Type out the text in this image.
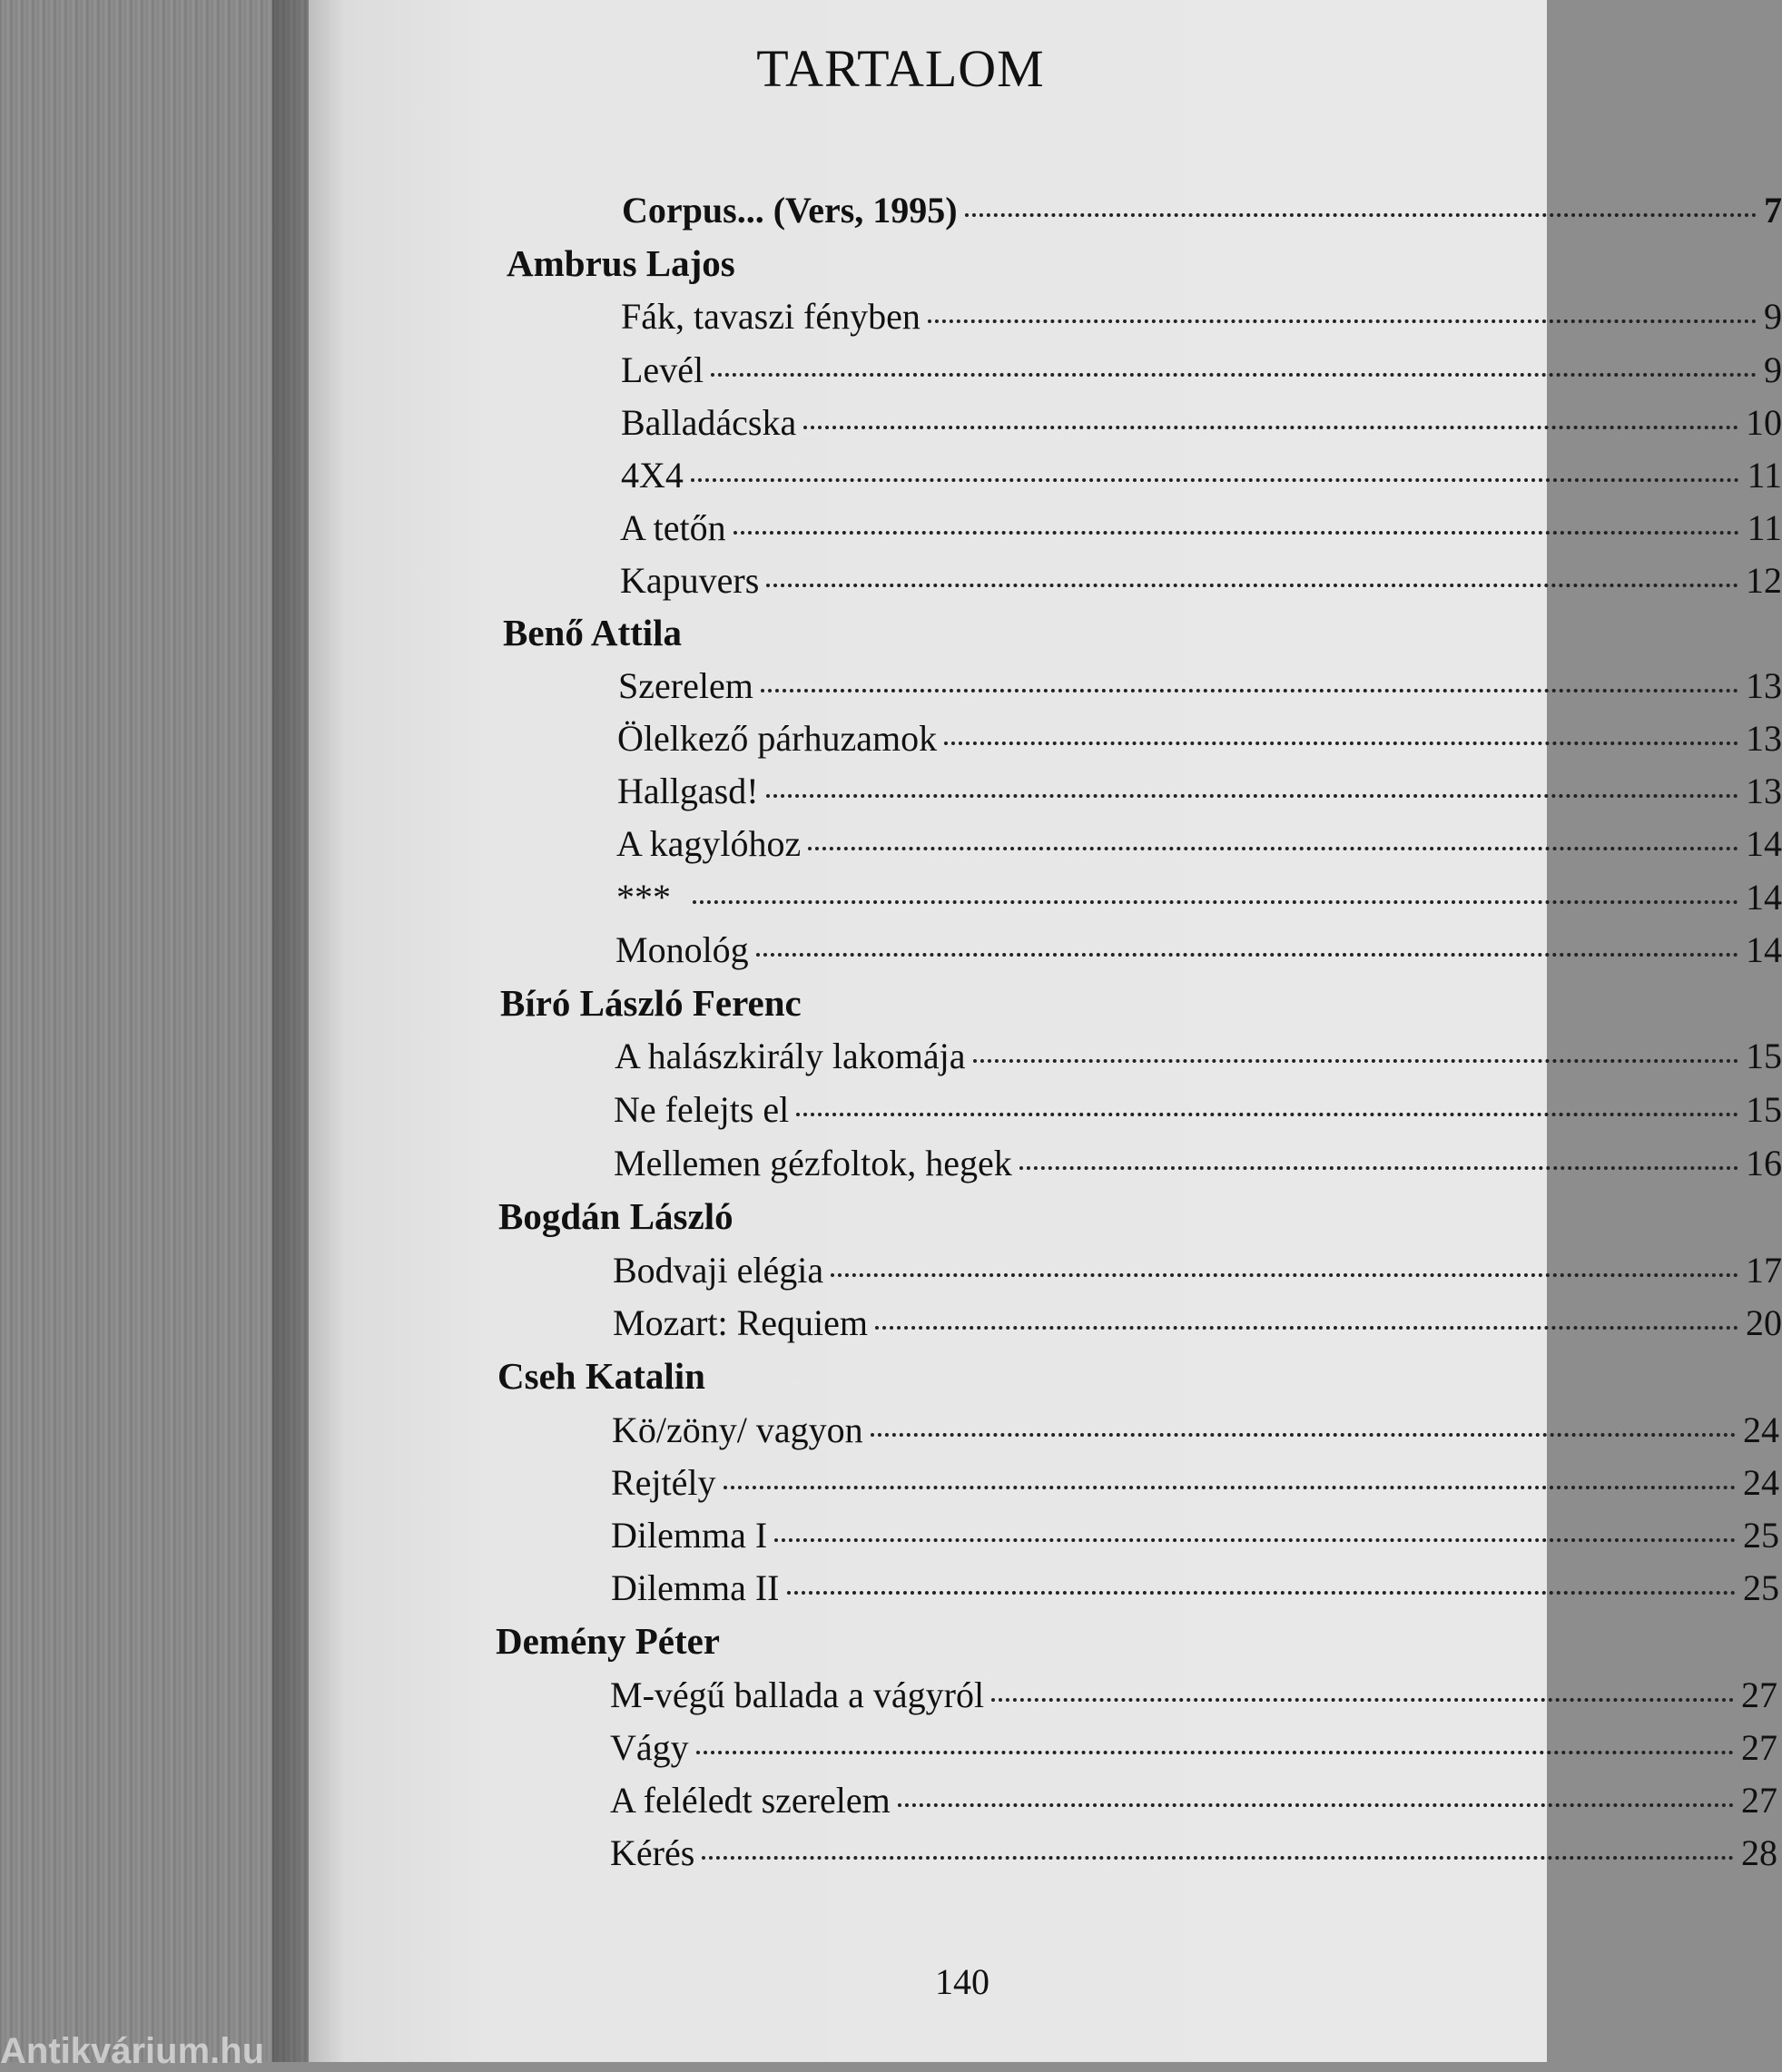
TARTALOM
Corpus... (Vers, 1995)	7
Ambrus Lajos
Fák, tavaszi fényben	9
Levél	9
Balladácska	10
4X4	11
A tetőn	11
Kapuvers	12
Benő Attila
Szerelem	13
Ölelkező párhuzamok	13
Hallgasd!	13
A kagylóhoz	14
***	14
Monológ	14
Bíró László Ferenc
A halászkirály lakomája	15
Ne felejts el	15
Mellemen gézfoltok, hegek	16
Bogdán László
Bodvaji elégia	17
Mozart: Requiem	20
Cseh Katalin
Kö/zöny/ vagyon	24
Rejtély	24
Dilemma I	25
Dilemma II	25
Demény Péter
M-végű ballada a vágyról	27
Vágy	27
A feléledt szerelem	27
Kérés	28
140
Antikvárium.hu
